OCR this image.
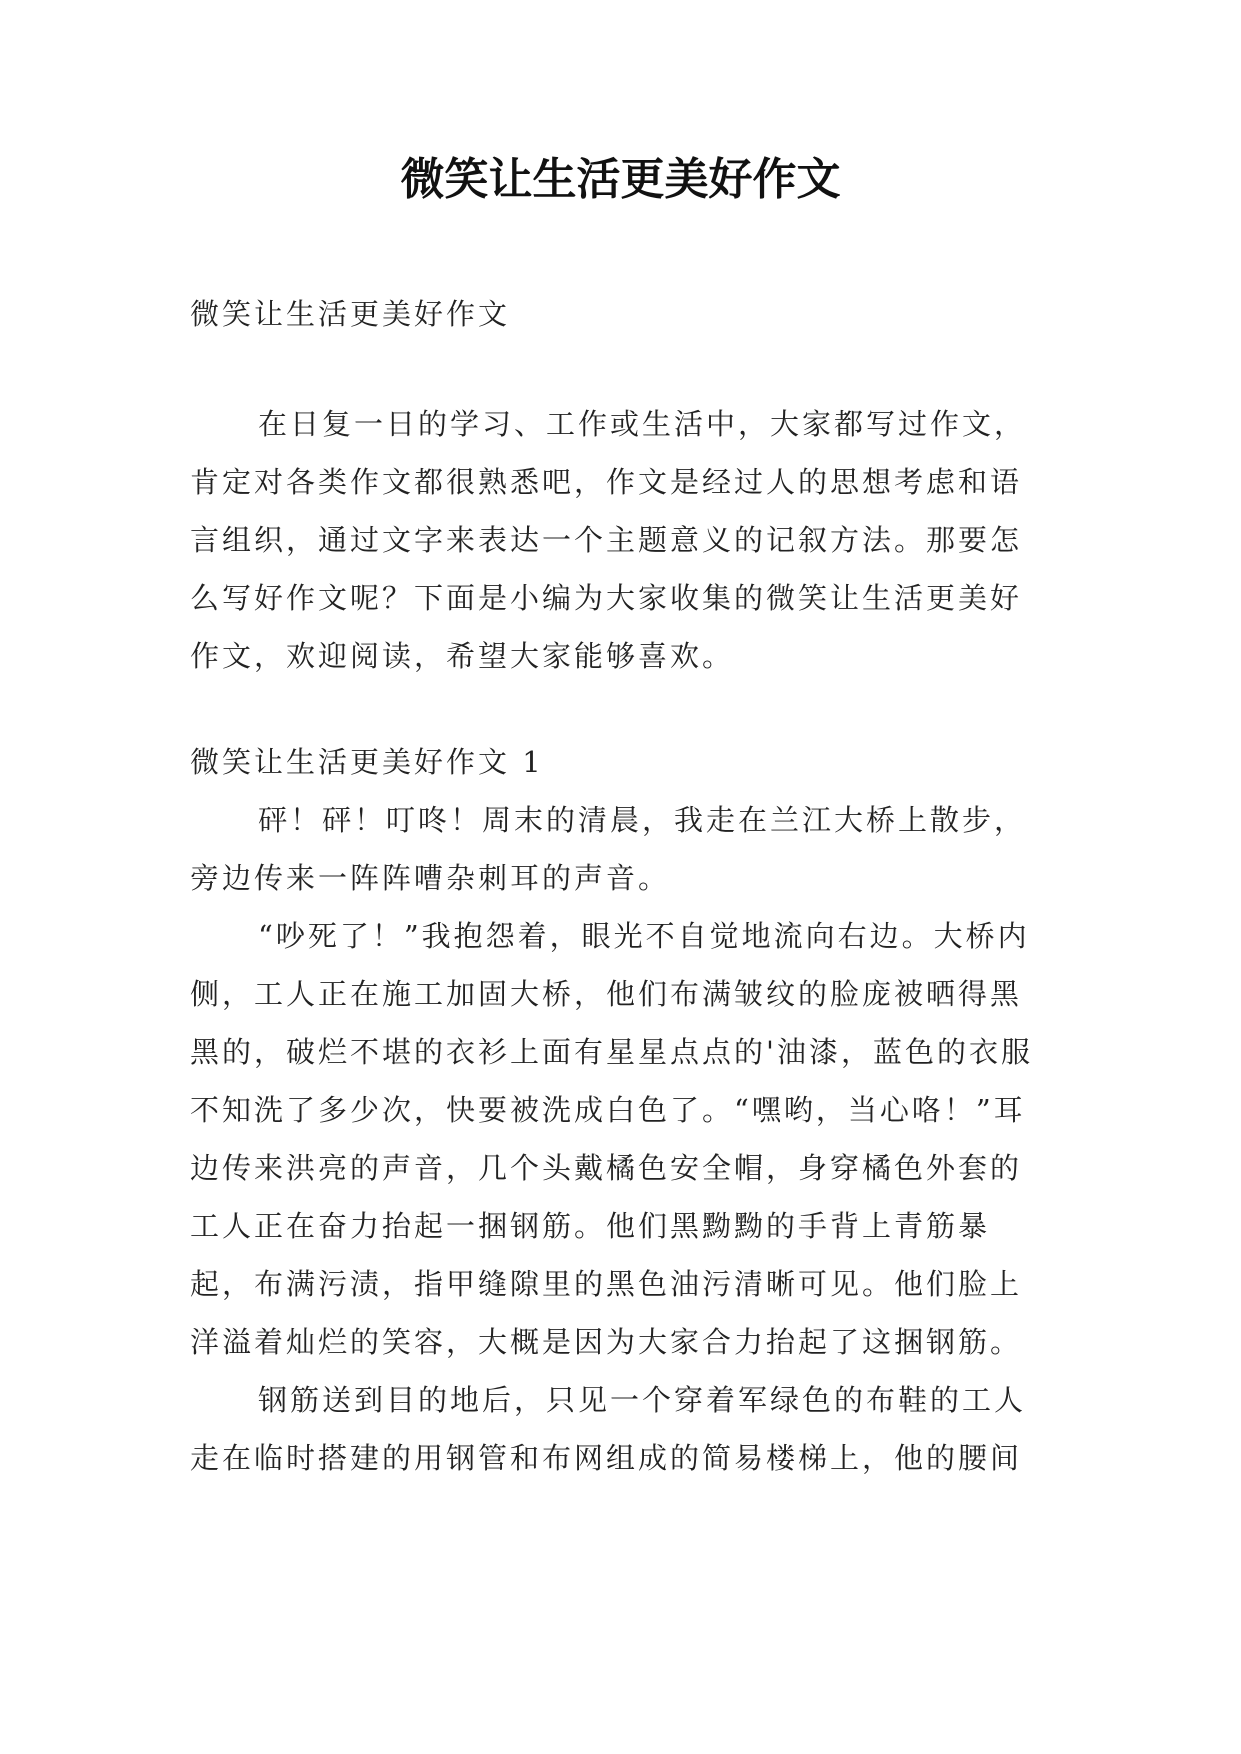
微笑让生活更美好作文
微笑让生活更美好作文

在日复一日的学习、工作或生活中，大家都写过作文，肯定对各类作文都很熟悉吧，作文是经过人的思想考虑和语言组织，通过文字来表达一个主题意义的记叙方法。那要怎么写好作文呢？下面是小编为大家收集的微笑让生活更美好作文，欢迎阅读，希望大家能够喜欢。

微笑让生活更美好作文 1

砰！砰！叮咚！周末的清晨，我走在兰江大桥上散步，旁边传来一阵阵嘈杂刺耳的声音。

“吵死了！”我抱怨着，眼光不自觉地流向右边。大桥内侧，工人正在施工加固大桥，他们布满皱纹的脸庞被晒得黑黑的，破烂不堪的衣衫上面有星星点点的'油漆，蓝色的衣服不知洗了多少次，快要被洗成白色了。“嘿哟，当心咯！”耳边传来洪亮的声音，几个头戴橘色安全帽，身穿橘色外套的工人正在奋力抬起一捆钢筋。他们黑黝黝的手背上青筋暴起，布满污渍，指甲缝隙里的黑色油污清晰可见。他们脸上洋溢着灿烂的笑容，大概是因为大家合力抬起了这捆钢筋。

钢筋送到目的地后，只见一个穿着军绿色的布鞋的工人走在临时搭建的用钢管和布网组成的简易楼梯上，他的腰间
